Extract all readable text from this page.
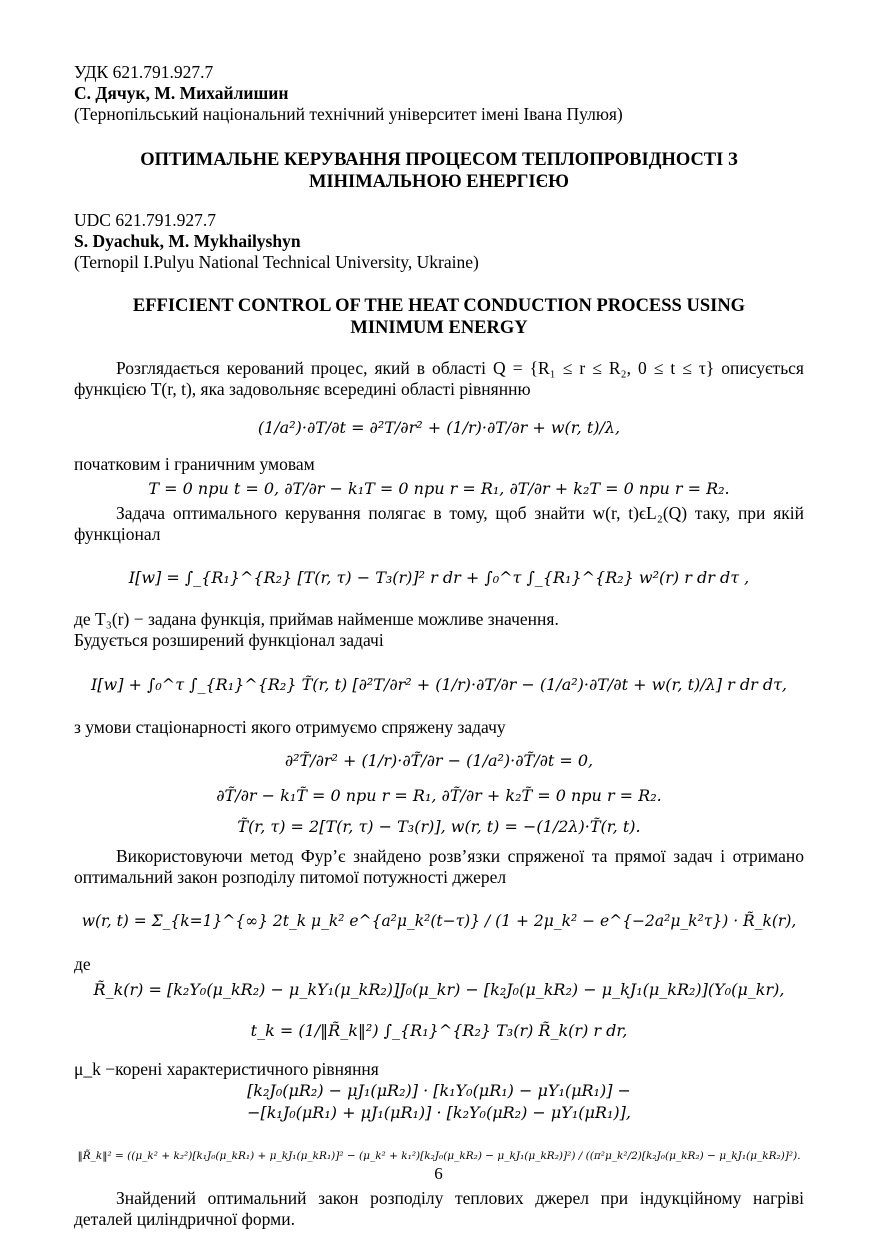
УДК 621.791.927.7
С. Дячук, М. Михайлишин
(Тернопільський національний технічний університет імені Івана Пулюя)
ОПТИМАЛЬНЕ КЕРУВАННЯ ПРОЦЕСОМ ТЕПЛОПРОВІДНОСТІ З
МІНІМАЛЬНОЮ ЕНЕРГІЄЮ
UDC 621.791.927.7
S. Dyachuk, M. Mykhailyshyn
(Ternopil I.Pulyu National Technical University, Ukraine)
EFFICIENT CONTROL OF THE HEAT CONDUCTION PROCESS USING
MINIMUM ENERGY
Розглядається керований процес, який в області Q = {R₁ ≤ r ≤ R₂, 0 ≤ t ≤ τ} описується функцією T(r, t), яка задовольняє всередині області рівнянню
(1/a²)·∂T/∂t = ∂²T/∂r² + (1/r)·∂T/∂r + w(r, t)/λ,
початковим і граничним умовам
T = 0 при t = 0, ∂T/∂r − k₁T = 0 при r = R₁, ∂T/∂r + k₂T = 0 при r = R₂.
Задача оптимального керування полягає в тому, щоб знайти w(r, t)ϵL₂(Q) таку, при якій функціонал
I[w] = ∫_{R₁}^{R₂} [T(r, τ) − T₃(r)]² r dr + ∫₀^τ ∫_{R₁}^{R₂} w²(r) r dr dτ ,
де T₃(r) − задана функція, приймав найменше можливе значення.
Будується розширений функціонал задачі
I[w] + ∫₀^τ ∫_{R₁}^{R₂} T̃(r, t) [∂²T/∂r² + (1/r)·∂T/∂r − (1/a²)·∂T/∂t + w(r, t)/λ] r dr dτ,
з умови стаціонарності якого отримуємо спряжену задачу
∂²T̃/∂r² + (1/r)·∂T̃/∂r − (1/a²)·∂T̃/∂t = 0,
∂T̃/∂r − k₁T̃ = 0 при r = R₁, ∂T̃/∂r + k₂T̃ = 0 при r = R₂.
T̃(r, τ) = 2[T(r, τ) − T₃(r)], w(r, t) = −(1/2λ)·T̃(r, t).
Використовуючи метод Фур’є знайдено розв’язки спряженої та прямої задач і отримано оптимальний закон розподілу питомої потужності джерел
w(r, t) = Σ_{k=1}^{∞} 2t_k μ_k² e^{a²μ_k²(t−τ)} / (1 + 2μ_k² − e^{−2a²μ_k²τ}) · R̃_k(r),
де
R̃_k(r) = [k₂Y₀(μ_kR₂) − μ_kY₁(μ_kR₂)]J₀(μ_kr) − [k₂J₀(μ_kR₂) − μ_kJ₁(μ_kR₂)](Y₀(μ_kr),
t_k = (1/‖R̃_k‖²) ∫_{R₁}^{R₂} T₃(r) R̃_k(r) r dr,
μ_k −корені характеристичного рівняння
[k₂J₀(μR₂) − μJ₁(μR₂)] · [k₁Y₀(μR₁) − μY₁(μR₁)] −
−[k₁J₀(μR₁) + μJ₁(μR₁)] · [k₂Y₀(μR₂) − μY₁(μR₁)],
‖R̃_k‖² = ((μ_k² + k₂²)[k₁J₀(μ_kR₁) + μ_kJ₁(μ_kR₁)]² − (μ_k² + k₁²)[k₂J₀(μ_kR₂) − μ_kJ₁(μ_kR₂)]²) / ((π²μ_k²/2)[k₂J₀(μ_kR₂) − μ_kJ₁(μ_kR₂)]²).
Знайдений оптимальний закон розподілу теплових джерел при індукційному нагріві деталей циліндричної форми.
6
